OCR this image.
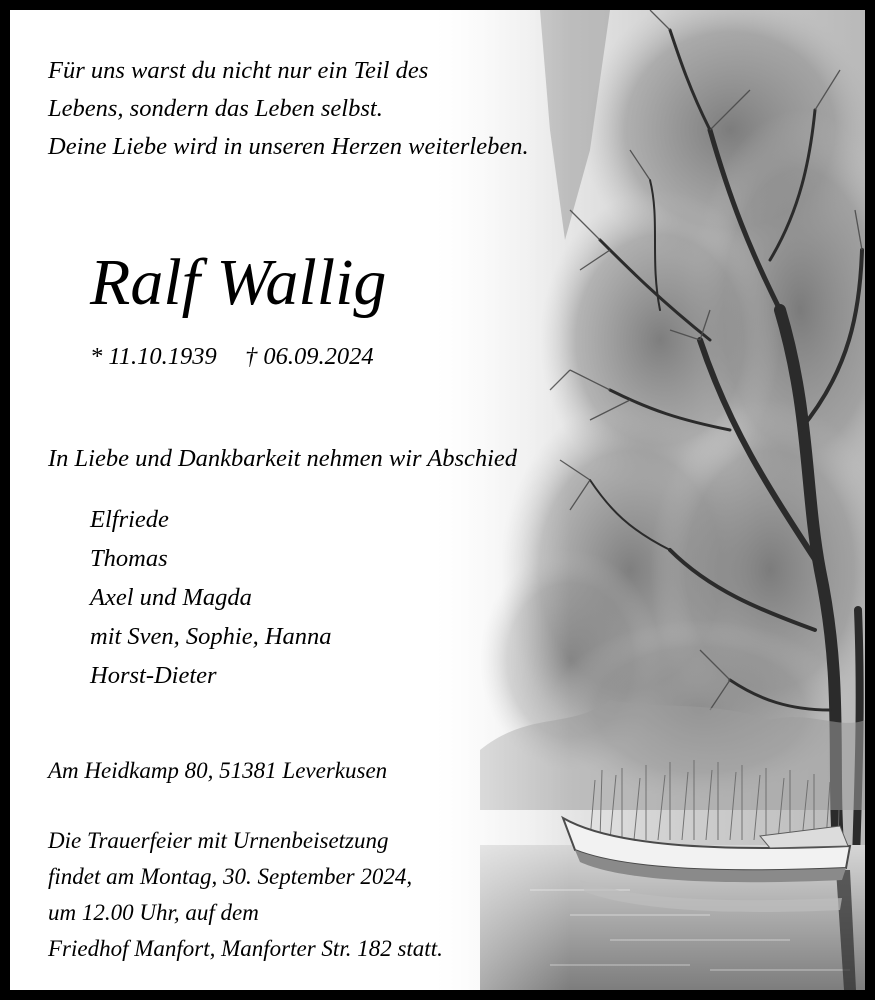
Für uns warst du nicht nur ein Teil des
Lebens, sondern das Leben selbst.
Deine Liebe wird in unseren Herzen weiterleben.
Ralf Wallig
* 11.10.1939 † 06.09.2024
In Liebe und Dankbarkeit nehmen wir Abschied
Elfriede
Thomas
Axel und Magda
mit Sven, Sophie, Hanna
Horst-Dieter
Am Heidkamp 80, 51381 Leverkusen
Die Trauerfeier mit Urnenbeisetzung
findet am Montag, 30. September 2024,
um 12.00 Uhr, auf dem
Friedhof Manfort, Manforter Str. 182 statt.
